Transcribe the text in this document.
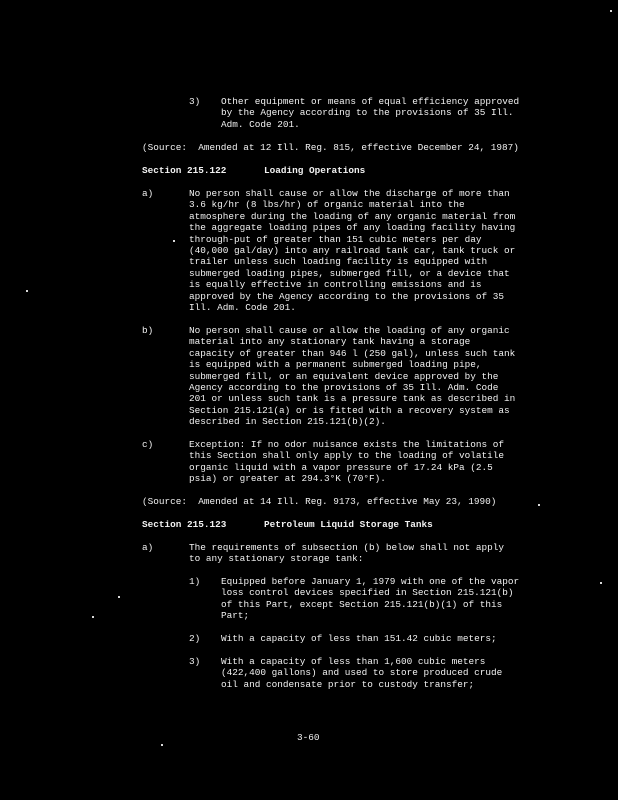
3) Other equipment or means of equal efficiency approved
by the Agency according to the provisions of 35 Ill.
Adm. Code 201.
(Source:  Amended at 12 Ill. Reg. 815, effective December 24, 1987)
Section 215.122	Loading Operations
a)	No person shall cause or allow the discharge of more than
3.6 kg/hr (8 lbs/hr) of organic material into the
atmosphere during the loading of any organic material from
the aggregate loading pipes of any loading facility having
through-put of greater than 151 cubic meters per day
(40,000 gal/day) into any railroad tank car, tank truck or
trailer unless such loading facility is equipped with
submerged loading pipes, submerged fill, or a device that
is equally effective in controlling emissions and is
approved by the Agency according to the provisions of 35
Ill. Adm. Code 201.
b)	No person shall cause or allow the loading of any organic
material into any stationary tank having a storage
capacity of greater than 946 l (250 gal), unless such tank
is equipped with a permanent submerged loading pipe,
submerged fill, or an equivalent device approved by the
Agency according to the provisions of 35 Ill. Adm. Code
201 or unless such tank is a pressure tank as described in
Section 215.121(a) or is fitted with a recovery system as
described in Section 215.121(b)(2).
c)	Exception: If no odor nuisance exists the limitations of
this Section shall only apply to the loading of volatile
organic liquid with a vapor pressure of 17.24 kPa (2.5
psia) or greater at 294.3°K (70°F).
(Source:  Amended at 14 Ill. Reg. 9173, effective May 23, 1990)
Section 215.123	Petroleum Liquid Storage Tanks
a)	The requirements of subsection (b) below shall not apply
to any stationary storage tank:
1) Equipped before January 1, 1979 with one of the vapor
loss control devices specified in Section 215.121(b)
of this Part, except Section 215.121(b)(1) of this
Part;
2) With a capacity of less than 151.42 cubic meters;
3) With a capacity of less than 1,600 cubic meters
(422,400 gallons) and used to store produced crude
oil and condensate prior to custody transfer;
3-60
